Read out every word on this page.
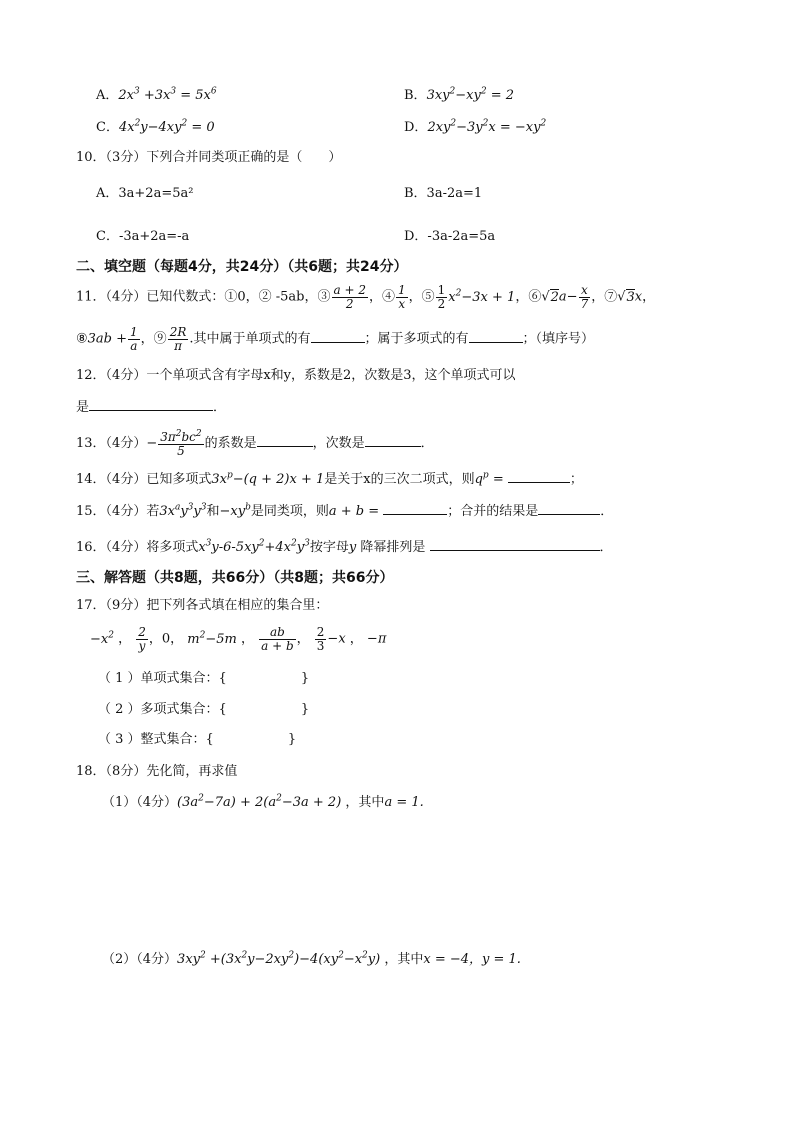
A．$2x^3 +3x^3 = 5x^6$	B．$3xy^2-xy^2 = 2$
C．$4x^2y-4xy^2 = 0$	D．$2xy^2-3y^2x = -xy^2$
10．（3分）下列合并同类项正确的是（　　）
A．3a+2a=5a²	B．3a-2a=1
C．-3a+2a=-a	D．-3a-2a=5a
二、填空题（每题4分，共24分）（共6题；共24分）
11．（4分）已知代数式：①0，② -5ab，③ $\frac{a + 2}{2}$ ，④ $\frac{1}{x}$ ，⑤ $\frac{1}{2} x^2-3x + 1$，⑥√2a− $\frac{x}{7}$ ，⑦√3x，
⑧3ab + $\frac{1}{a}$ ，⑨ $\frac{2R}{\pi}$ .其中属于单项式的有	；属于多项式的有	；（填序号）
12．（4分）一个单项式含有字母x和y，系数是2，次数是3，这个单项式可以
是	．
13．（4分）− $\frac{3\pi^2bc^2}{5}$ 的系数是	，次数是	．
14．（4分）已知多项式$3x^p-(q + 2)x + 1$是关于x的三次二项式，则$q^p$ =	；
15．（4分）若$3x^ay^3y^3$和$-xy^b$是同类项，则a + b =	；合并的结果是	．
16．（4分）将多项式$x^3y-6-5xy^2+4x^2y^3$按字母y 降幂排列是	．
三、解答题（共8题，共66分）（共8题；共66分）
17．（9分）把下列各式填在相应的集合里：
$-x^2$ ， $\frac{2}{y}$ ，0， $m^2-5m$ ， $\frac{ab}{a + b}$ ， $\frac{2}{3} -x$ ， −π
（ 1 ）单项式集合：{	}
（ 2 ）多项式集合：{	}
（ 3 ）整式集合：{	}
18．（8分）先化简，再求值
（1）（4分）$(3a^2-7a) + 2(a^2-3a + 2)$ ，其中a = 1.
（2）（4分）$3xy^2 +(3x^2y-2xy^2)-4(xy^2-x^2y)$ ，其中x = −4，y = 1.
